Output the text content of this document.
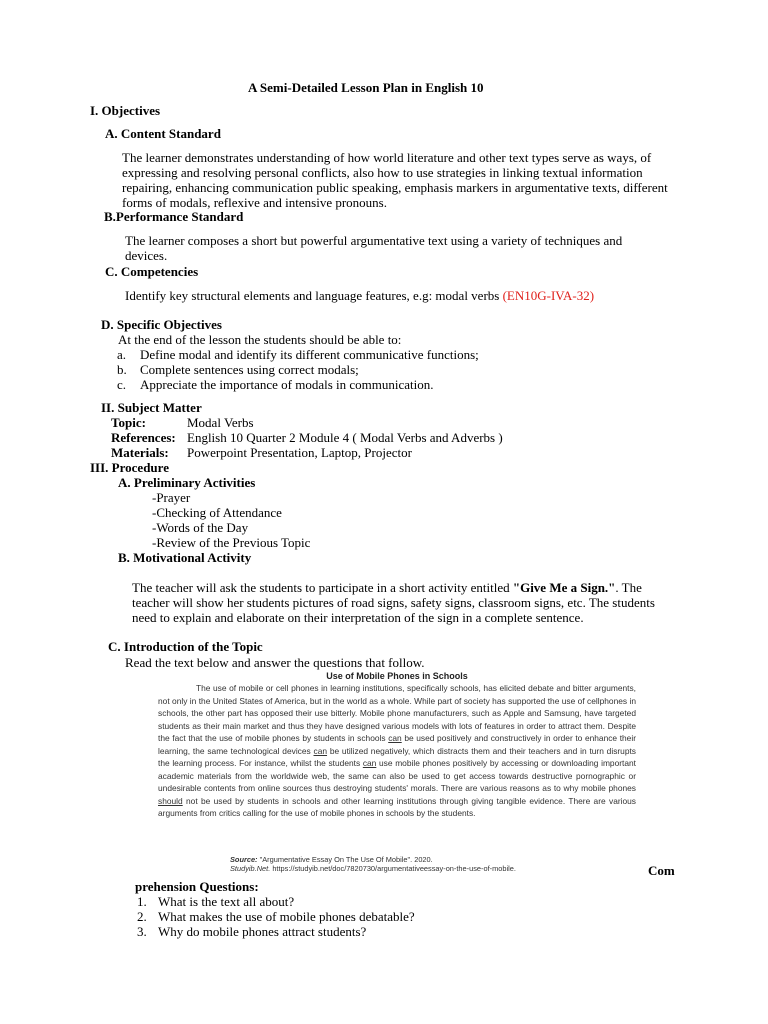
A Semi-Detailed Lesson Plan in English 10
I. Objectives
A. Content Standard
The learner demonstrates understanding of how world literature and other text types serve as ways, of expressing and resolving personal conflicts, also how to use strategies in linking textual information repairing, enhancing communication public speaking, emphasis markers in argumentative texts, different forms of modals, reflexive and intensive pronouns.
B.Performance Standard
The learner composes a short but powerful argumentative text using a variety of techniques and devices.
C. Competencies
Identify key structural elements and language features, e.g: modal verbs (EN10G-IVA-32)
D. Specific Objectives
At the end of the lesson the students should be able to:
a. Define modal and identify its different communicative functions;
b. Complete sentences using correct modals;
c. Appreciate the importance of modals in communication.
II. Subject Matter
Topic:	Modal Verbs
References: English 10 Quarter 2 Module 4 ( Modal Verbs and Adverbs )
Materials: Powerpoint Presentation, Laptop, Projector
III. Procedure
A. Preliminary Activities
-Prayer
-Checking of Attendance
-Words of the Day
-Review of the Previous Topic
B. Motivational Activity
The teacher will ask the students to participate in a short activity entitled "Give Me a Sign.". The teacher will show her students pictures of road signs, safety signs, classroom signs, etc. The students need to explain and elaborate on their interpretation of the sign in a complete sentence.
C. Introduction of the Topic
Read the text below and answer the questions that follow.
Use of Mobile Phones in Schools
The use of mobile or cell phones in learning institutions, specifically schools, has elicited debate and bitter arguments, not only in the United States of America, but in the world as a whole. While part of society has supported the use of cellphones in schools, the other part has opposed their use bitterly. Mobile phone manufacturers, such as Apple and Samsung, have targeted students as their main market and thus they have designed various models with lots of features in order to attract them. Despite the fact that the use of mobile phones by students in schools can be used positively and constructively in order to enhance their learning, the same technological devices can be utilized negatively, which distracts them and their teachers and in turn disrupts the learning process. For instance, whilst the students can use mobile phones positively by accessing or downloading important academic materials from the worldwide web, the same can also be used to get access towards destructive pornographic or undesirable contents from online sources thus destroying students' morals. There are various reasons as to why mobile phones should not be used by students in schools and other learning institutions through giving tangible evidence. There are various arguments from critics calling for the use of mobile phones in schools by the students.
Source: "Argumentative Essay On The Use Of Mobile". 2020.
Studyib.Net. https://studyib.net/doc/7820730/argumentativeessay-on-the-use-of-mobile.	Com
prehension Questions:
1. What is the text all about?
2. What makes the use of mobile phones debatable?
3. Why do mobile phones attract students?
